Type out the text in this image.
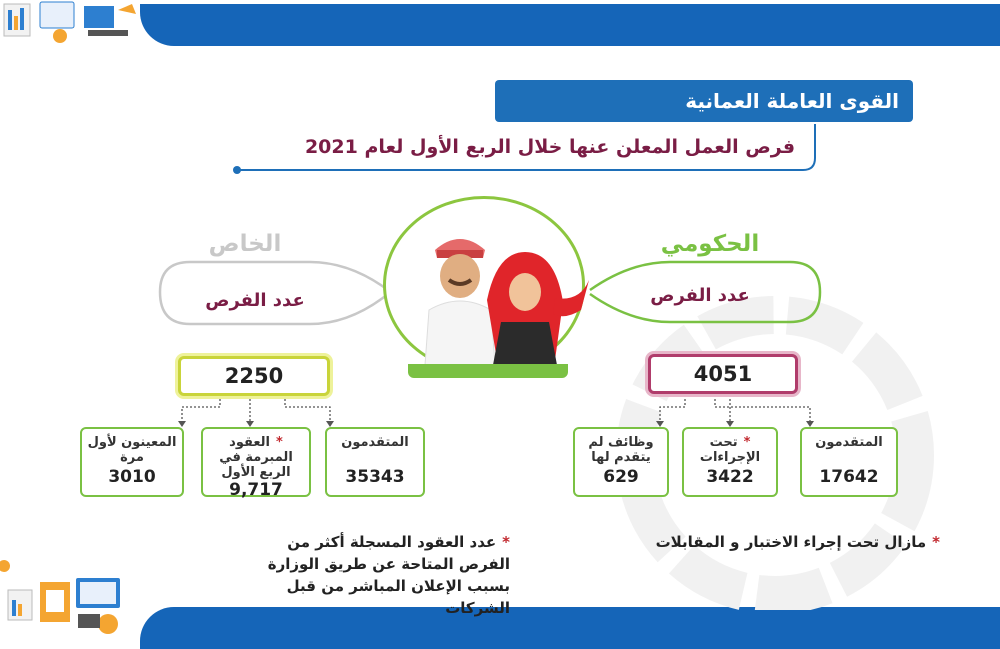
القوى العاملة العمانية
فرص العمل المعلن عنها خلال الربع الأول لعام 2021
الحكومي
الخاص
عدد الفرص
عدد الفرص
4051
2250
المتقدمون
17642
*تحت الإجراءات
3422
وظائف لم يتقدم لها
629
المتقدمون
35343
*العقود المبرمة في الربع الأول
9,717
المعينون لأول مرة
3010
*مازال تحت إجراء الاختبار و المقابلات
*عدد العقود المسجلة أكثر من الفرص المتاحة عن طريق الوزارة بسبب الإعلان المباشر من قبل الشركات
